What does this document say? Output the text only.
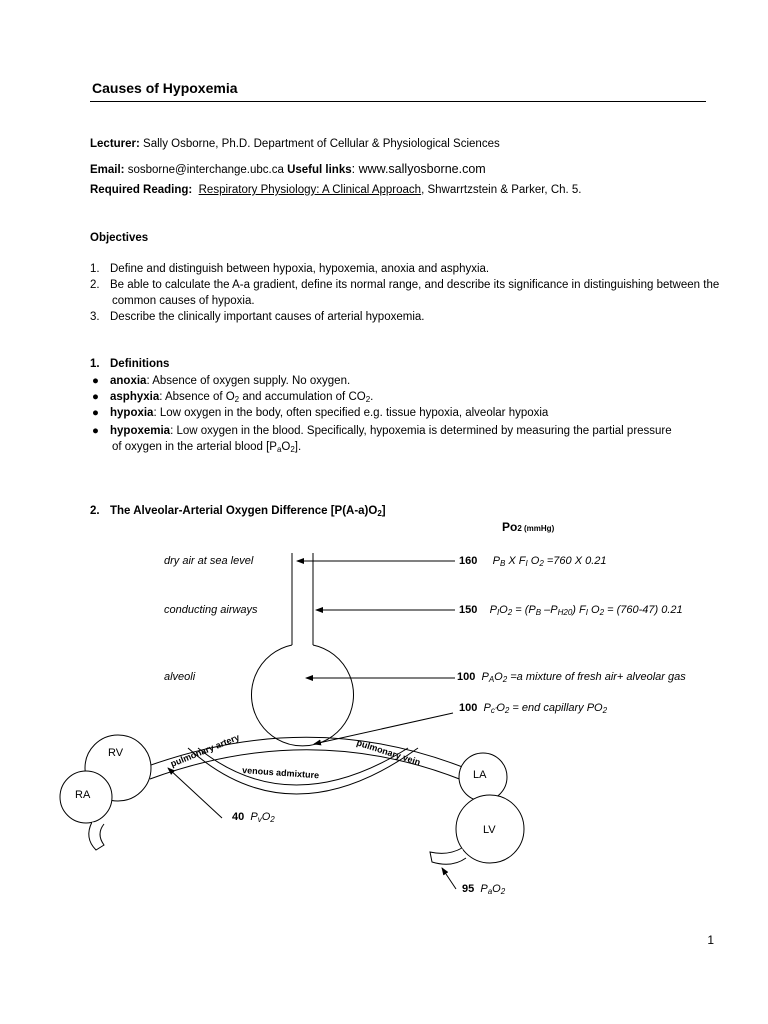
Causes of Hypoxemia
Lecturer: Sally Osborne, Ph.D. Department of Cellular & Physiological Sciences
Email: sosborne@interchange.ubc.ca Useful links: www.sallyosborne.com
Required Reading: Respiratory Physiology: A Clinical Approach, Shwarrtzstein & Parker, Ch. 5.
Objectives
1. Define and distinguish between hypoxia, hypoxemia, anoxia and asphyxia.
2. Be able to calculate the A-a gradient, define its normal range, and describe its significance in distinguishing between the
common causes of hypoxia.
3. Describe the clinically important causes of arterial hypoxemia.
1. Definitions
● anoxia: Absence of oxygen supply. No oxygen.
● asphyxia: Absence of $O_2$ and accumulation of $CO_2$.
● hypoxia: Low oxygen in the body, often specified e.g. tissue hypoxia, alveolar hypoxia
● hypoxemia: Low oxygen in the blood. Specifically, hypoxemia is determined by measuring the partial pressure
of oxygen in the arterial blood $[P_aO_2]$.
2. The Alveolar-Arterial Oxygen Difference $[P(A-a)O_2]$
Po2 (mmHg)
pulmonary artery	pulmonary vein
venous admixture
RV
RA
LA
LV
dry air at sea level
conducting airways
alveoli
160 $P_B$ X $F_I$ $O_2 =760$ X 0.21
150 $P_IO_2 = (P_B$ $-P_{H20}$) $F_I$ $O_2 = (760-47)$ 0.21
100 $P_AO_2 =a$ mixture of fresh air+ alveolar gas
100 $P_{c'}O_2$ = end capillary $PO_2$
40 $P_vO_2$
95 $P_aO_2$
1
